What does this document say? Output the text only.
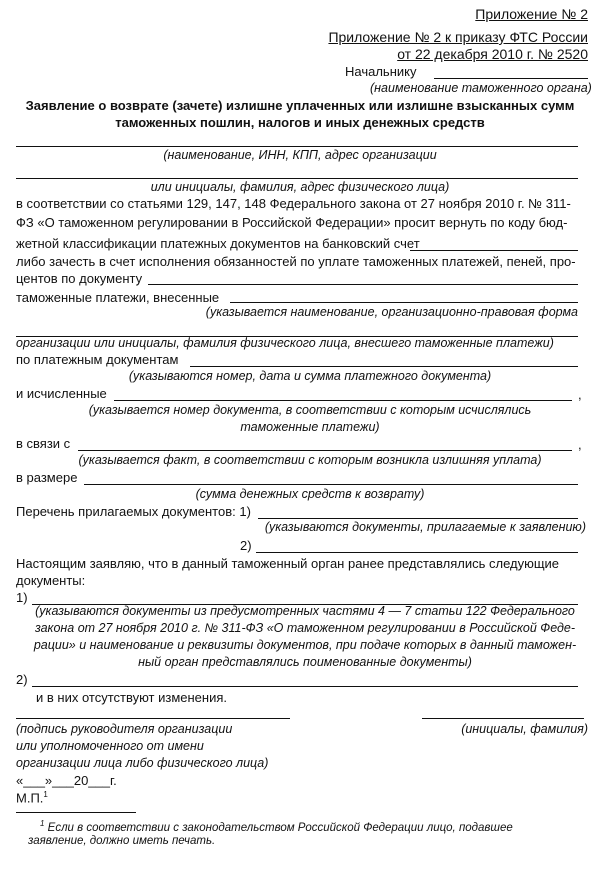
Приложение № 2
Приложение № 2 к приказу ФТС России
от 22 декабря 2010 г. № 2520
Начальнику
(наименование таможенного органа)
Заявление о возврате (зачете) излишне уплаченных или излишне взысканных сумм
таможенных пошлин, налогов и иных денежных средств
(наименование, ИНН, КПП, адрес организации
или инициалы, фамилия, адрес физического лица)
в соответствии со статьями 129, 147, 148 Федерального закона от 27 ноября 2010 г. № 311-
ФЗ «О таможенном регулировании в Российской Федерации» просит вернуть по коду бюд-
жетной классификации платежных документов на банковский счет
либо зачесть в счет исполнения обязанностей по уплате таможенных платежей, пеней, про-
центов по документу
таможенные платежи, внесенные
(указывается наименование, организационно-правовая форма
организации или инициалы, фамилия физического лица, внесшего таможенные платежи)
по платежным документам
(указываются номер, дата и сумма платежного документа)
и исчисленные	,
(указывается номер документа, в соответствии с которым исчислялись
таможенные платежи)
в связи с	,
(указывается факт, в соответствии с которым возникла излишняя уплата)
в размере
(сумма денежных средств к возврату)
Перечень прилагаемых документов: 1)
(указываются документы, прилагаемые к заявлению)
2)
Настоящим заявляю, что в данный таможенный орган ранее представлялись следующие
документы:
1)
(указываются документы из предусмотренных частями 4 — 7 статьи 122 Федерального
закона от 27 ноября 2010 г. № 311-ФЗ «О таможенном регулировании в Российской Феде-
рации» и наименование и реквизиты документов, при подаче которых в данный таможен-
ный орган представлялись поименованные документы)
2)
и в них отсутствуют изменения.
(подпись руководителя организации	(инициалы, фамилия)
или уполномоченного от имени
организации лица либо физического лица)
«___»___20___г.
М.П.$^1$
$^1$ Если в соответствии с законодательством Российской Федерации лицо, подавшее
заявление, должно иметь печать.
